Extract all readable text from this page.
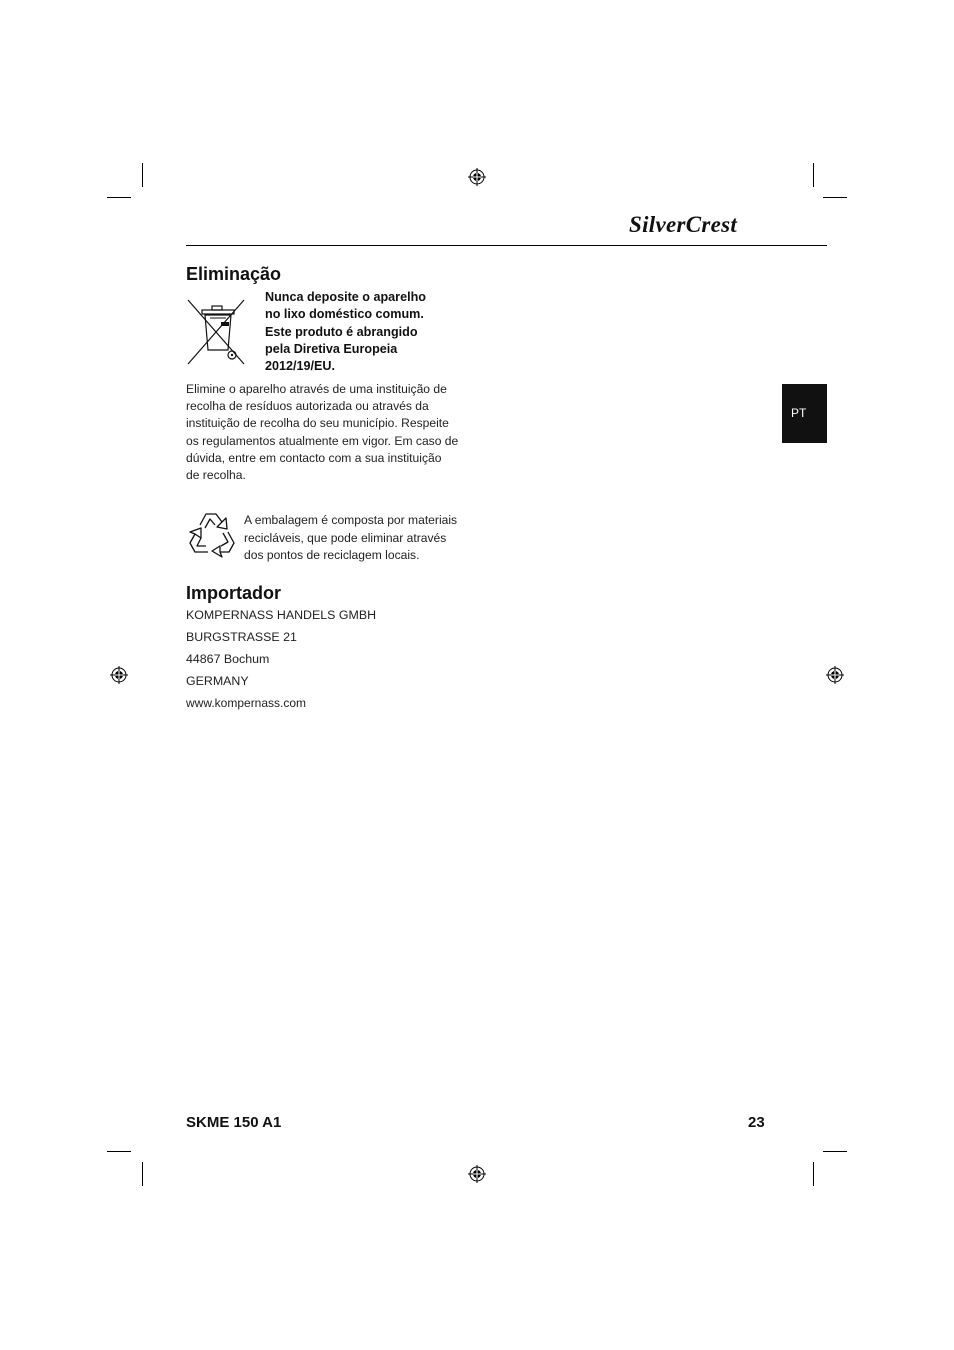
SilverCrest
PT
Eliminação
Nunca deposite o aparelho
no lixo doméstico comum.
Este produto é abrangido
pela Diretiva Europeia
2012/19/EU.
Elimine o aparelho através de uma instituição de
recolha de resíduos autorizada ou através da
instituição de recolha do seu município. Respeite
os regulamentos atualmente em vigor. Em caso de
dúvida, entre em contacto com a sua instituição
de recolha.
A embalagem é composta por materiais
recicláveis, que pode eliminar através
dos pontos de reciclagem locais.
Importador
KOMPERNASS HANDELS GMBH
BURGSTRASSE 21
44867 Bochum
GERMANY
www.kompernass.com
SKME 150 A1	23
